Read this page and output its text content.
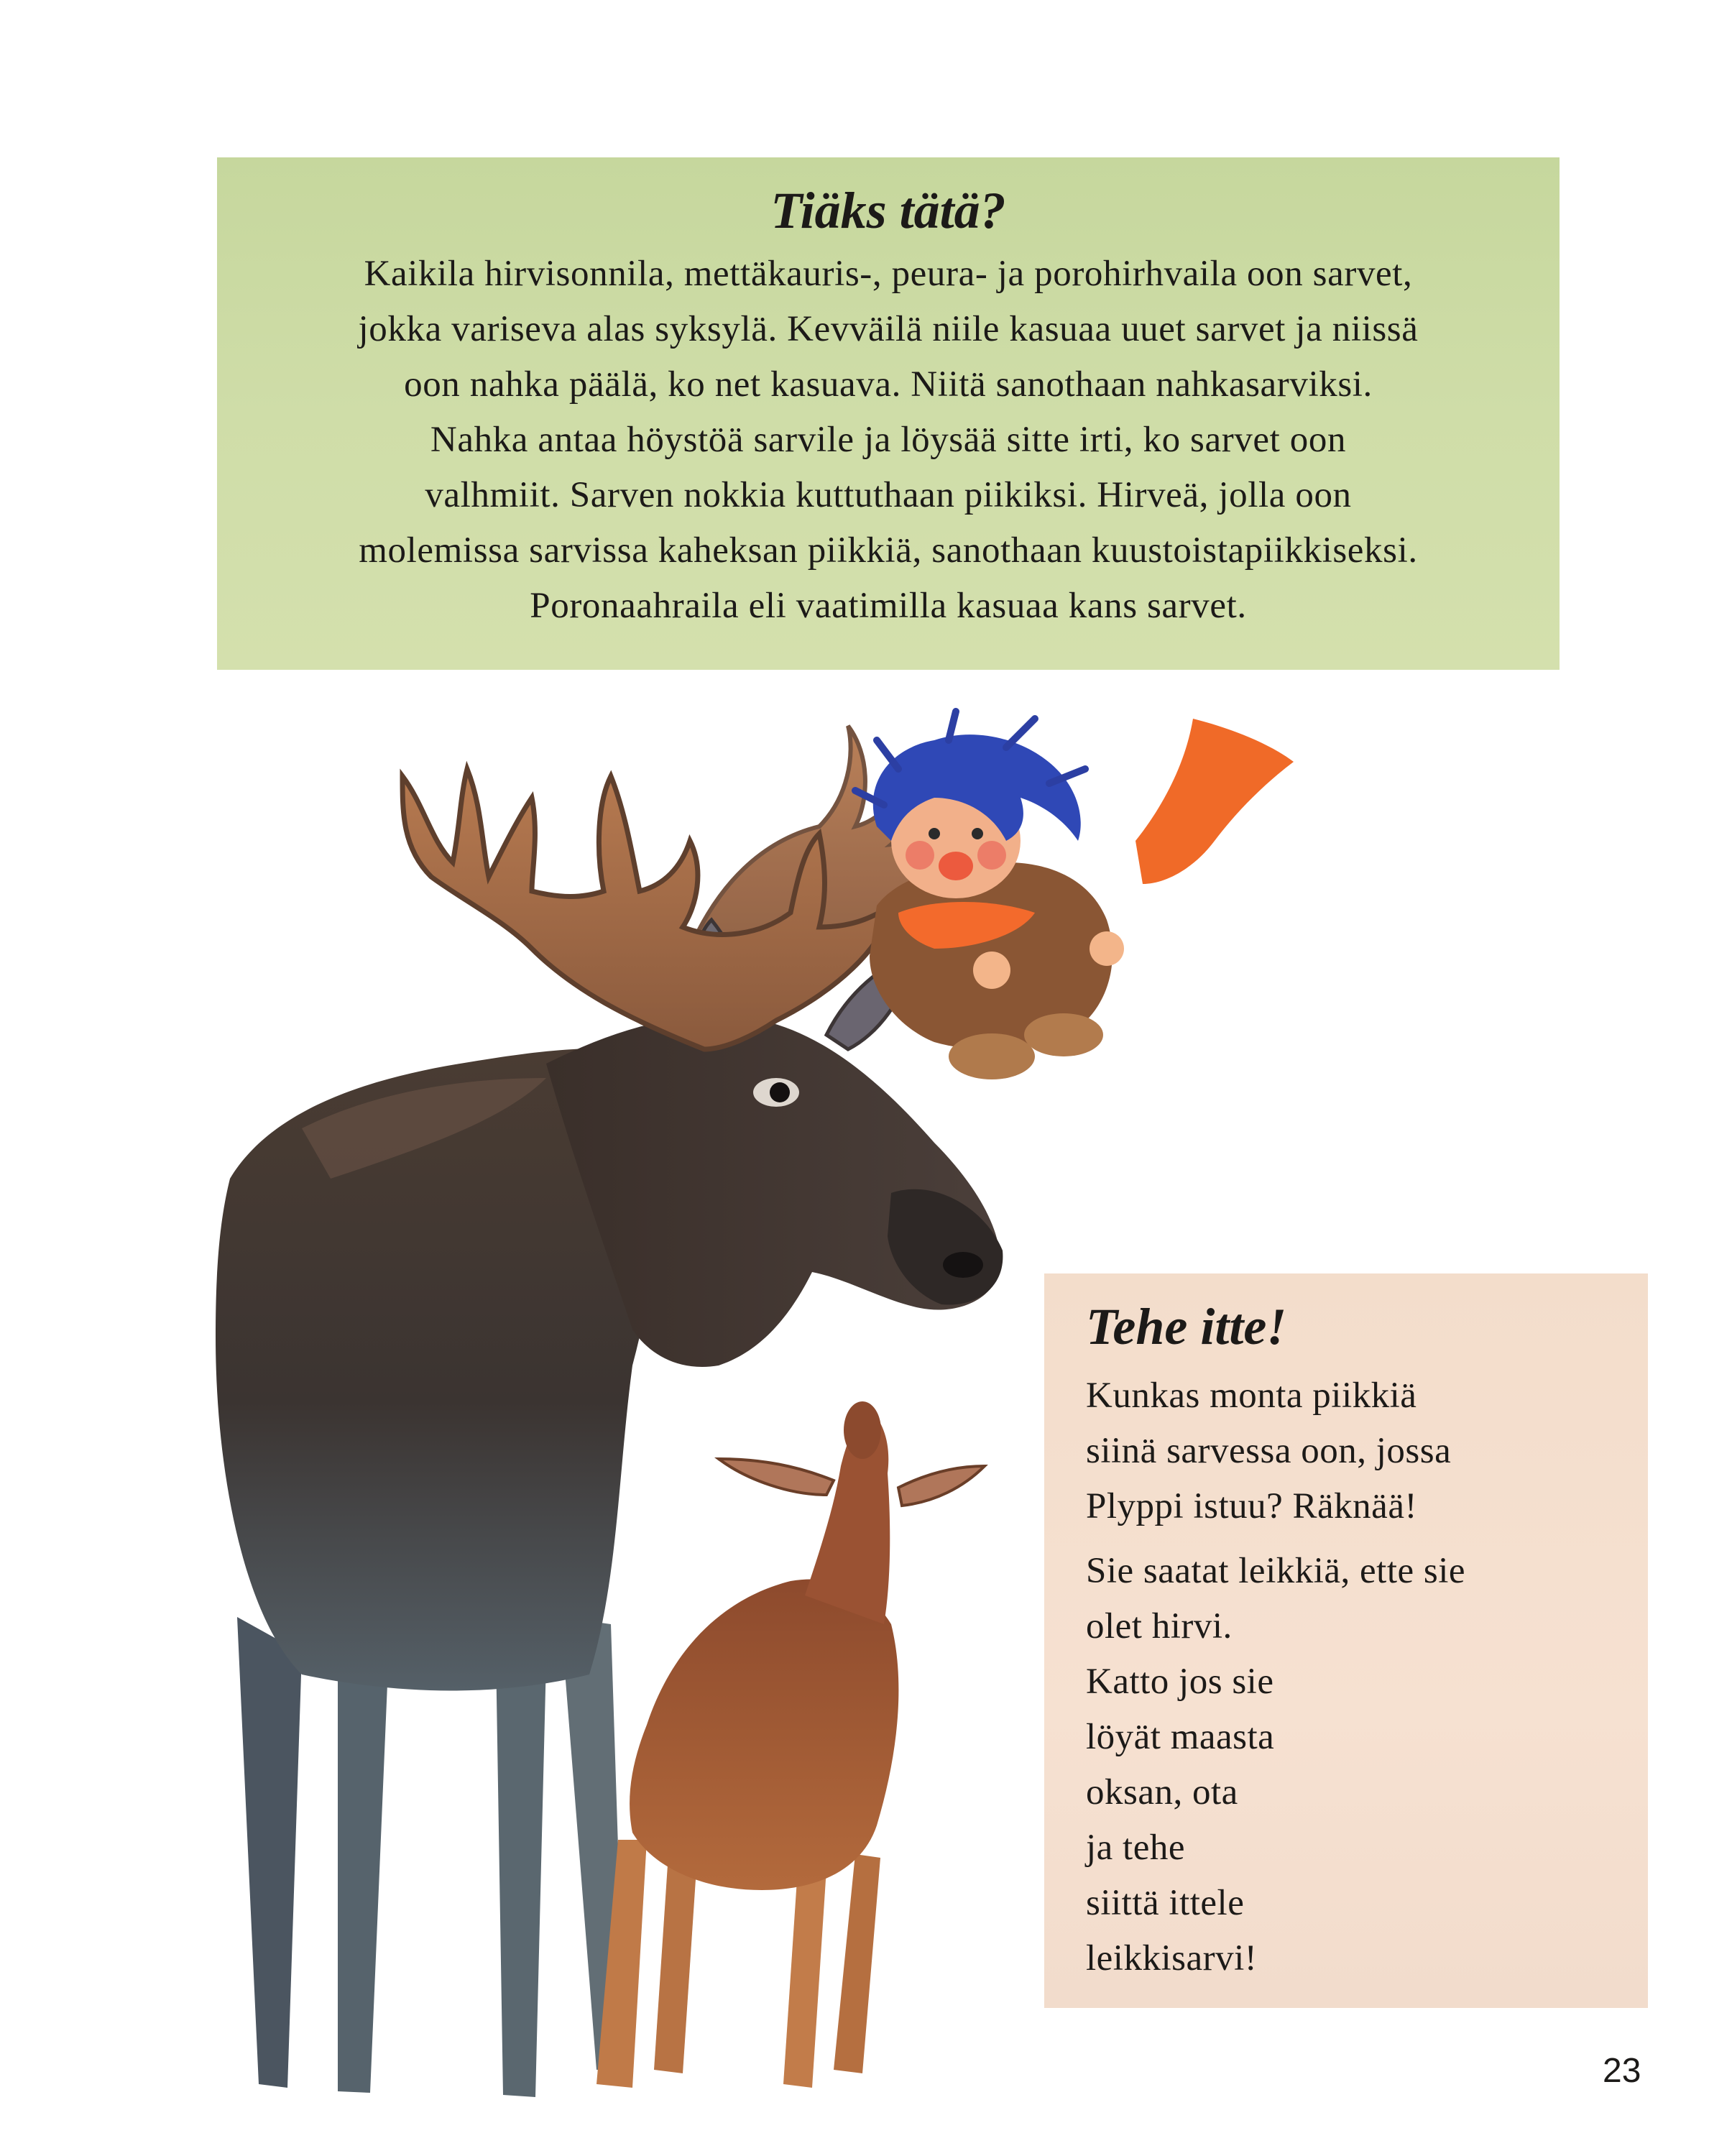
Tiäks tätä?
Kaikila hirvisonnila, mettäkauris-, peura- ja porohirhvaila oon sarvet,
jokka variseva alas syksylä. Kevväilä niile kasuaa uuet sarvet ja niissä
oon nahka päälä, ko net kasuava. Niitä sanothaan nahkasarviksi.
Nahka antaa höystöä sarvile ja löysää sitte irti, ko sarvet oon
valhmiit. Sarven nokkia kuttuthaan piikiksi. Hirveä, jolla oon
molemissa sarvissa kaheksan piikkiä, sanothaan kuustoistapiikkiseksi.
Poronaahraila eli vaatimilla kasuaa kans sarvet.
Tehe itte!
Kunkas monta piikkiä
siinä sarvessa oon, jossa
Plyppi istuu? Räknää!
Sie saatat leikkiä, ette sie
olet hirvi.
Katto jos sie
löyät maasta
oksan, ota
ja tehe
siittä ittele
leikkisarvi!
23
